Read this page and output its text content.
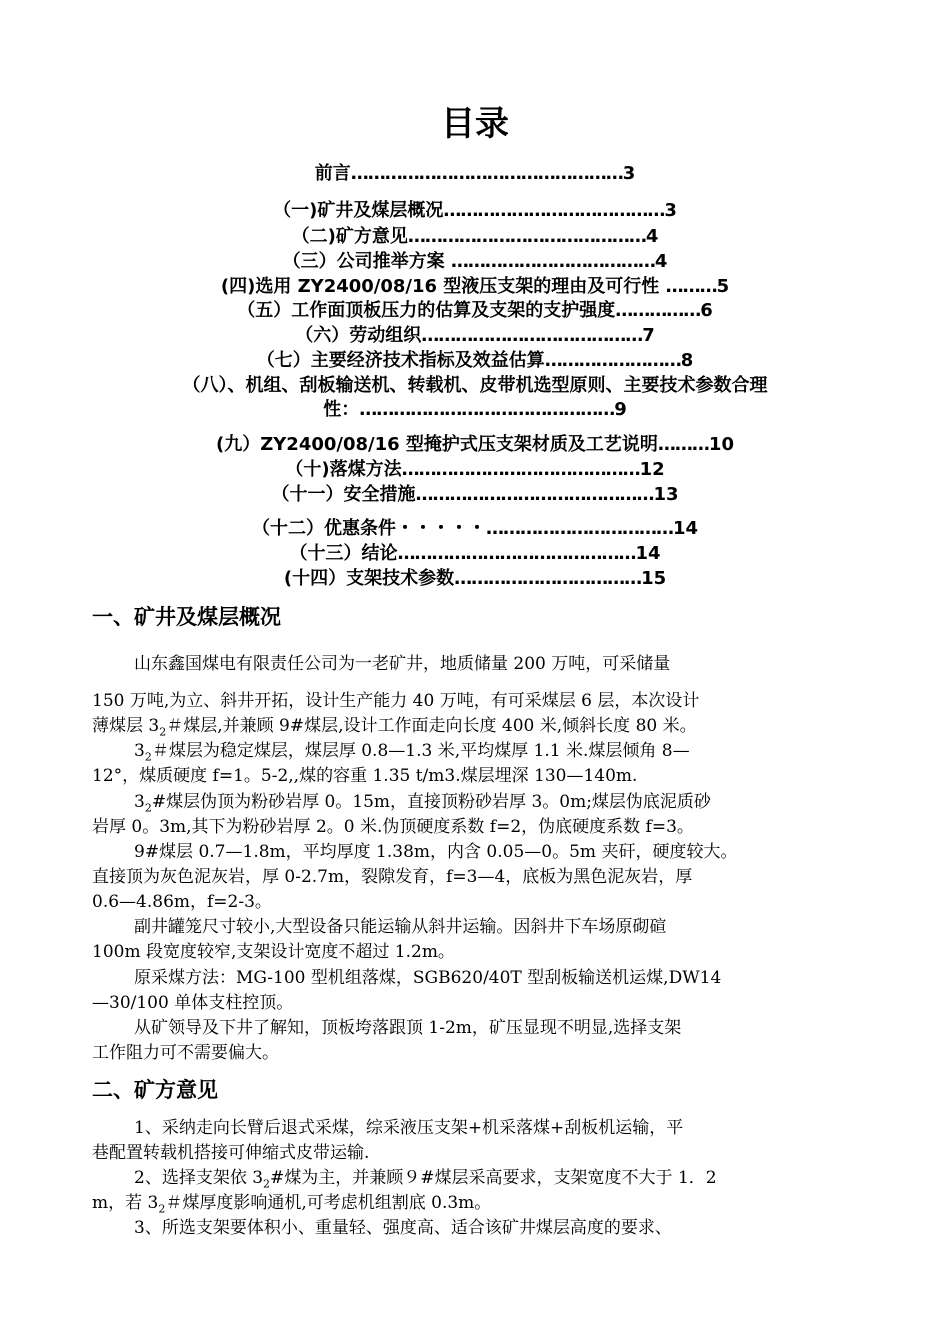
目录
前言…………………………………………3
（一)矿井及煤层概况…………………………………3
（二)矿方意见……………………………………4
（三）公司推举方案 ………………………………4
(四)选用 ZY2400/08/16 型液压支架的理由及可行性 ………5
（五）工作面顶板压力的估算及支架的支护强度……………6
（六）劳动组织…………………………………7
（七）主要经济技术指标及效益估算……………………8
（八）、机组、刮板输送机、转载机、皮带机选型原则、主要技术参数合理
性：………………………………………9
(九）ZY2400/08/16 型掩护式压支架材质及工艺说明………10
（十)落煤方法……………………………………12
（十一）安全措施……………………………………13
（十二）优惠条件・・・・・……………………………14
（十三）结论……………………………………14
(十四）支架技术参数……………………………15
一、矿井及煤层概况
山东鑫国煤电有限责任公司为一老矿井，地质储量 200 万吨，可采储量
150 万吨,为立、斜井开拓，设计生产能力 40 万吨，有可采煤层 6 层，本次设计
薄煤层 $3_2$＃煤层,并兼顾 9#煤层,设计工作面走向长度 400 米,倾斜长度 80 米。
$3_2$＃煤层为稳定煤层，煤层厚 0.8—1.3 米,平均煤厚 1.1 米.煤层倾角 8—
12°，煤质硬度 f=1。5-2,,煤的容重 1.35 t/m3.煤层埋深 130—140m.
$3_2\#$煤层伪顶为粉砂岩厚 0。15m，直接顶粉砂岩厚 3。0m;煤层伪底泥质砂
岩厚 0。3m,其下为粉砂岩厚 2。0 米.伪顶硬度系数 f=2，伪底硬度系数 f=3。
9#煤层 0.7—1.8m，平均厚度 1.38m，内含 0.05—0。5m 夹矸，硬度较大。
直接顶为灰色泥灰岩，厚 0-2.7m，裂隙发育，f=3—4，底板为黑色泥灰岩，厚
0.6—4.86m，f=2-3。
副井罐笼尺寸较小,大型设备只能运输从斜井运输。因斜井下车场原砌碹
100m 段宽度较窄,支架设计宽度不超过 1.2m。
原采煤方法：MG-100 型机组落煤，SGB620/40T 型刮板输送机运煤,DW14
—30/100 单体支柱控顶。
从矿领导及下井了解知，顶板垮落跟顶 1-2m，矿压显现不明显,选择支架
工作阻力可不需要偏大。
二、矿方意见
1、采纳走向长臂后退式采煤，综采液压支架+机采落煤+刮板机运输，平
巷配置转载机搭接可伸缩式皮带运输.
2、选择支架依 $3_2\#$煤为主，并兼顾９#煤层采高要求，支架宽度不大于 1．2
m，若 $3_2$＃煤厚度影响通机,可考虑机组割底 0.3m。
3、所选支架要体积小、重量轻、强度高、适合该矿井煤层高度的要求、
